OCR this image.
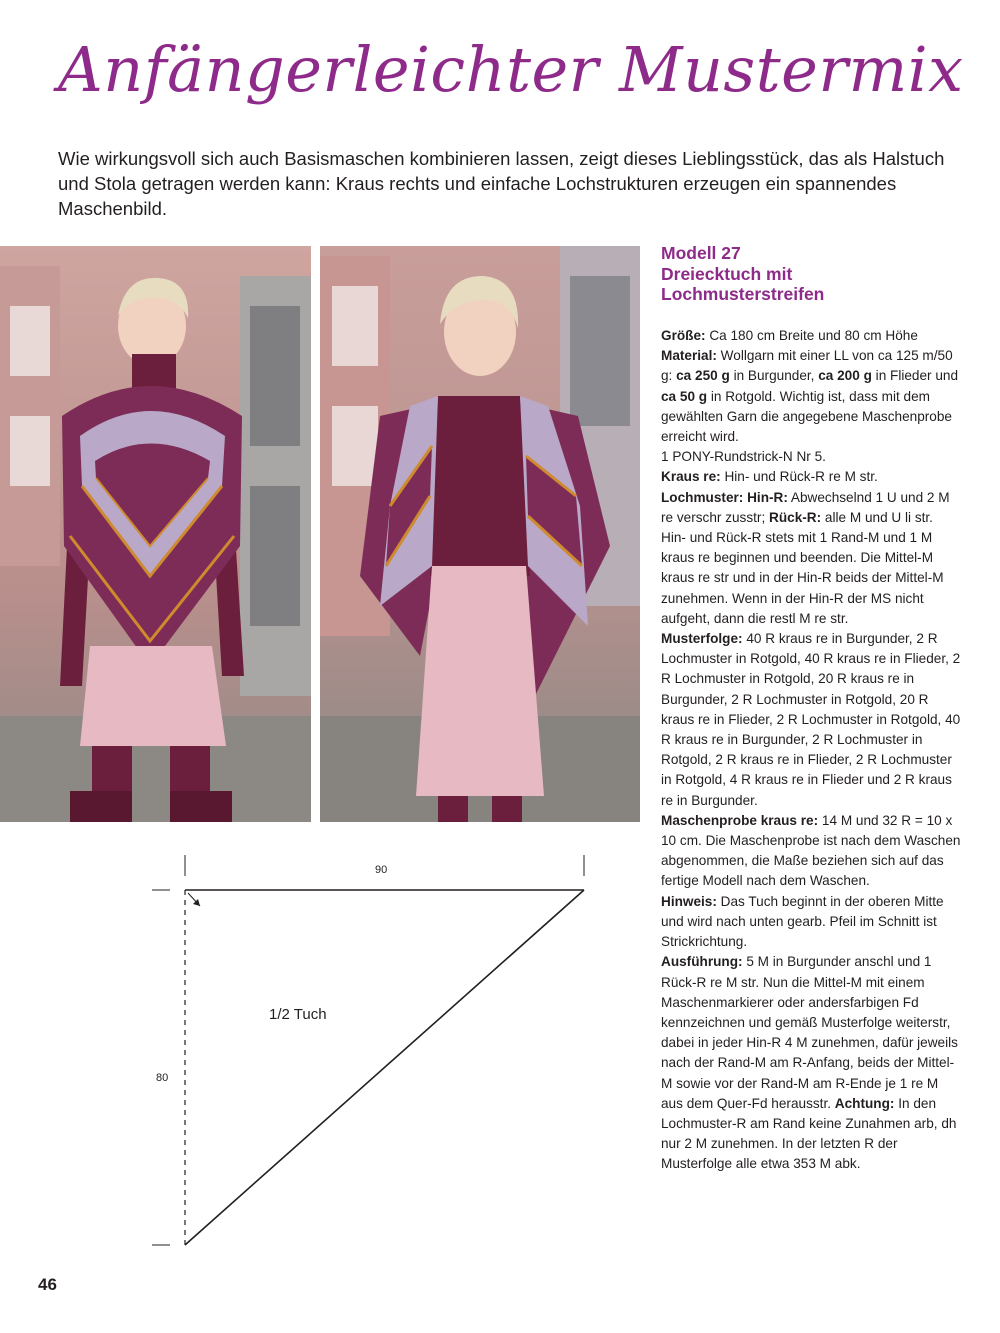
Anfängerleichter Mustermix
Wie wirkungsvoll sich auch Basismaschen kombinieren lassen, zeigt dieses Lieblingsstück, das als Halstuch und Stola getragen werden kann: Kraus rechts und einfache Lochstrukturen erzeugen ein spannendes Maschenbild.
Modell 27
Dreiecktuch mit
Lochmusterstreifen

Größe: Ca 180 cm Breite und 80 cm Höhe

Material: Wollgarn mit einer LL von ca 125 m/50 g: ca 250 g in Burgunder, ca 200 g in Flieder und ca 50 g in Rotgold. Wichtig ist, dass mit dem gewählten Garn die angegebene Maschenprobe erreicht wird.

1 PONY-Rundstrick-N Nr 5.

Kraus re: Hin- und Rück-R re M str.

Lochmuster: Hin-R: Abwechselnd 1 U und 2 M re verschr zusstr; Rück-R: alle M und U li str. Hin- und Rück-R stets mit 1 Rand-M und 1 M kraus re beginnen und beenden. Die Mittel-M kraus re str und in der Hin-R beids der Mittel-M zunehmen. Wenn in der Hin-R der MS nicht aufgeht, dann die restl M re str.

Musterfolge: 40 R kraus re in Burgunder, 2 R Lochmuster in Rotgold, 40 R kraus re in Flieder, 2 R Lochmuster in Rotgold, 20 R kraus re in Burgunder, 2 R Lochmuster in Rotgold, 20 R kraus re in Flieder, 2 R Lochmuster in Rotgold, 40 R kraus re in Burgunder, 2 R Lochmuster in Rotgold, 2 R kraus re in Flieder, 2 R Lochmuster in Rotgold, 4 R kraus re in Flieder und 2 R kraus re in Burgunder.

Maschenprobe kraus re: 14 M und 32 R = 10 x 10 cm. Die Maschenprobe ist nach dem Waschen abgenommen, die Maße beziehen sich auf das fertige Modell nach dem Waschen.

Hinweis: Das Tuch beginnt in der oberen Mitte und wird nach unten gearb. Pfeil im Schnitt ist Strickrichtung.

Ausführung: 5 M in Burgunder anschl und 1 Rück-R re M str. Nun die Mittel-M mit einem Maschenmarkierer oder andersfarbigen Fd kennzeichnen und gemäß Musterfolge weiterstr, dabei in jeder Hin-R 4 M zunehmen, dafür jeweils nach der Rand-M am R-Anfang, beids der Mittel-M sowie vor der Rand-M am R-Ende je 1 re M aus dem Quer-Fd herausstr. Achtung: In den Lochmuster-R am Rand keine Zunahmen arb, dh nur 2 M zunehmen. In der letzten R der Musterfolge alle etwa 353 M abk.

90
80
1/2 Tuch
46
